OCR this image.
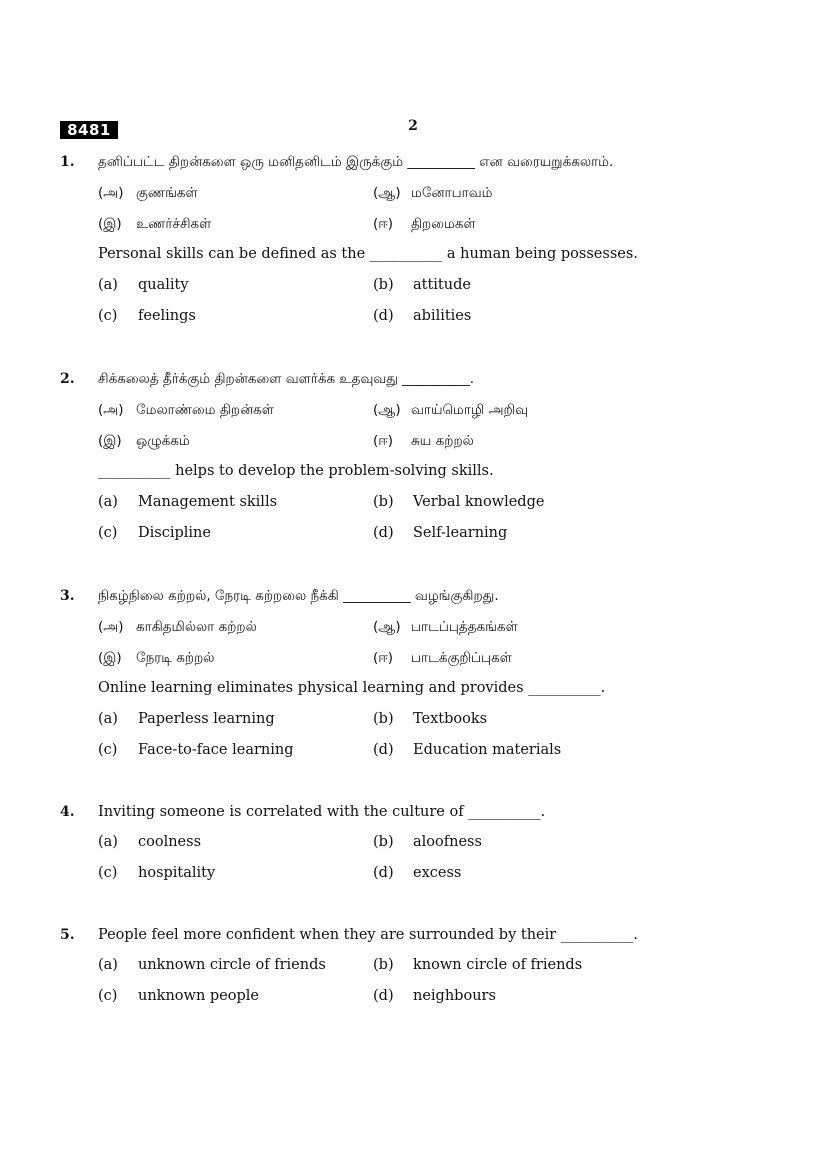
8481	2
1. தனிப்பட்ட திறன்களை ஒரு மனிதனிடம் இருக்கும் __________ என வரையறுக்கலாம்.
(அ) குணங்கள்	(ஆ) மனோபாவம்
(இ) உணர்ச்சிகள்	(ஈ) திறமைகள்
Personal skills can be defined as the __________ a human being possesses.
(a) quality	(b) attitude
(c) feelings	(d) abilities
2. சிக்கலைத் தீர்க்கும் திறன்களை வளர்க்க உதவுவது __________.
(அ) மேலாண்மை திறன்கள்	(ஆ) வாய்மொழி அறிவு
(இ) ஒழுக்கம்	(ஈ) சுய கற்றல்
__________ helps to develop the problem-solving skills.
(a) Management skills	(b) Verbal knowledge
(c) Discipline	(d) Self-learning
3. நிகழ்நிலை கற்றல், நேரடி கற்றலை நீக்கி __________ வழங்குகிறது.
(அ) காகிதமில்லா கற்றல்	(ஆ) பாடப்புத்தகங்கள்
(இ) நேரடி கற்றல்	(ஈ) பாடக்குறிப்புகள்
Online learning eliminates physical learning and provides __________.
(a) Paperless learning	(b) Textbooks
(c) Face-to-face learning	(d) Education materials
4. Inviting someone is correlated with the culture of __________.
(a) coolness	(b) aloofness
(c) hospitality	(d) excess
5. People feel more confident when they are surrounded by their __________.
(a) unknown circle of friends	(b) known circle of friends
(c) unknown people	(d) neighbours
